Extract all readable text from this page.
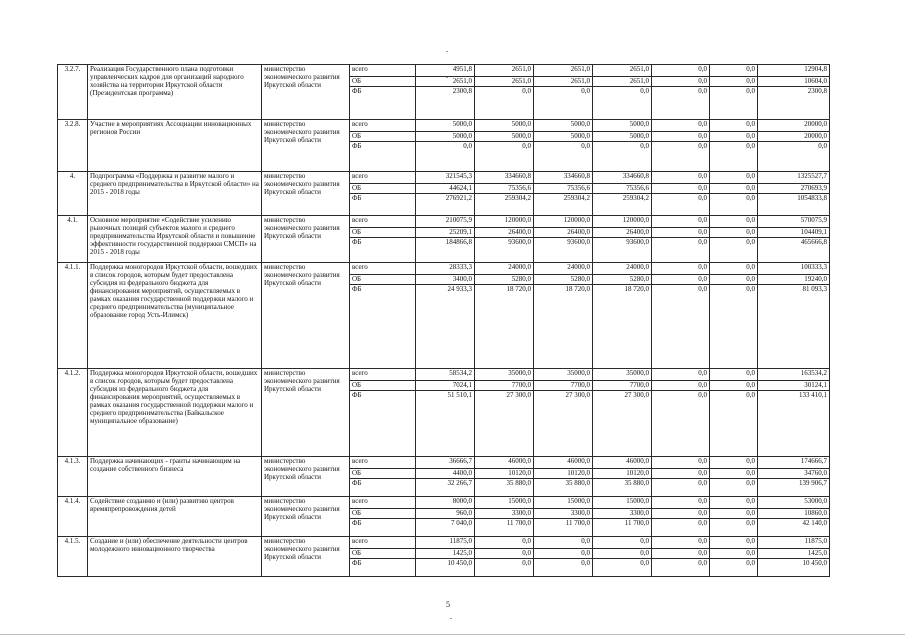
3.2.7.	Реализация Государственного плана подготовки управленческих кадров для организаций народного хозяйства на территории Иркутской области (Президентская программа)	министерство экономического развития Иркутской области	всего	4951,8	2651,0	2651,0	2651,0	0,0	0,0	12904,8
			ОБ	2651,0	2651,0	2651,0	2651,0	0,0	0,0	10604,0
			ФБ	2300,8	0,0	0,0	0,0	0,0	0,0	2300,8
3.2.8.	Участие в мероприятиях Ассоциации инновационных регионов России	министерство экономического развития Иркутской области	всего	5000,0	5000,0	5000,0	5000,0	0,0	0,0	20000,0
			ОБ	5000,0	5000,0	5000,0	5000,0	0,0	0,0	20000,0
			ФБ	0,0	0,0	0,0	0,0	0,0	0,0	0,0
4.	Подпрограмма «Поддержка и развитие малого и среднего предпринимательства в Иркутской области» на 2015 - 2018 годы	министерство экономического развития Иркутской области	всего	321545,3	334660,8	334660,8	334660,8	0,0	0,0	1325527,7
			ОБ	44624,1	75356,6	75356,6	75356,6	0,0	0,0	270693,9
			ФБ	276921,2	259304,2	259304,2	259304,2	0,0	0,0	1054833,8
4.1.	Основное мероприятие «Содействие усилению рыночных позиций субъектов малого и среднего предпринимательства Иркутской области и повышение эффективности государственной поддержки СМСП» на 2015 - 2018 годы	министерство экономического развития Иркутской области	всего	210075,9	120000,0	120000,0	120000,0	0,0	0,0	570075,9
			ОБ	25209,1	26400,0	26400,0	26400,0	0,0	0,0	104409,1
			ФБ	184866,8	93600,0	93600,0	93600,0	0,0	0,0	465666,8
4.1.1.	Поддержка моногородов Иркутской области, вошедших в список городов, которым будет предоставлена субсидия из федерального бюджета для финансирования мероприятий, осуществляемых в рамках оказания государственной поддержки малого и среднего предпринимательства (муниципальное образование город Усть-Илимск)	министерство экономического развития Иркутской области	всего	28333,3	24000,0	24000,0	24000,0	0,0	0,0	100333,3
			ОБ	3400,0	5280,0	5280,0	5280,0	0,0	0,0	19240,0
			ФБ	24 933,3	18 720,0	18 720,0	18 720,0	0,0	0,0	81 093,3
4.1.2.	Поддержка моногородов Иркутской области, вошедших в список городов, которым будет предоставлена субсидия из федерального бюджета для финансирования мероприятий, осуществляемых в рамках оказания государственной поддержки малого и среднего предпринимательства (Байкальское муниципальное образование)	министерство экономического развития Иркутской области	всего	58534,2	35000,0	35000,0	35000,0	0,0	0,0	163534,2
			ОБ	7024,1	7700,0	7700,0	7700,0	0,0	0,0	30124,1
			ФБ	51 510,1	27 300,0	27 300,0	27 300,0	0,0	0,0	133 410,1
4.1.3.	Поддержка начинающих - гранты начинающим на создание собственного бизнеса	министерство экономического развития Иркутской области	всего	36666,7	46000,0	46000,0	46000,0	0,0	0,0	174666,7
			ОБ	4400,0	10120,0	10120,0	10120,0	0,0	0,0	34760,0
			ФБ	32 266,7	35 880,0	35 880,0	35 880,0	0,0	0,0	139 906,7
4.1.4.	Содействие созданию и (или) развитию центров времяпрепровождения детей	министерство экономического развития Иркутской области	всего	8000,0	15000,0	15000,0	15000,0	0,0	0,0	53000,0
			ОБ	960,0	3300,0	3300,0	3300,0	0,0	0,0	10860,0
			ФБ	7 040,0	11 700,0	11 700,0	11 700,0	0,0	0,0	42 140,0
4.1.5.	Создание и (или) обеспечение деятельности центров молодежного инновационного творчества	министерство экономического развития Иркутской области	всего	11875,0	0,0	0,0	0,0	0,0	0,0	11875,0
			ОБ	1425,0	0,0	0,0	0,0	0,0	0,0	1425,0
			ФБ	10 450,0	0,0	0,0	0,0	0,0	0,0	10 450,0
5
